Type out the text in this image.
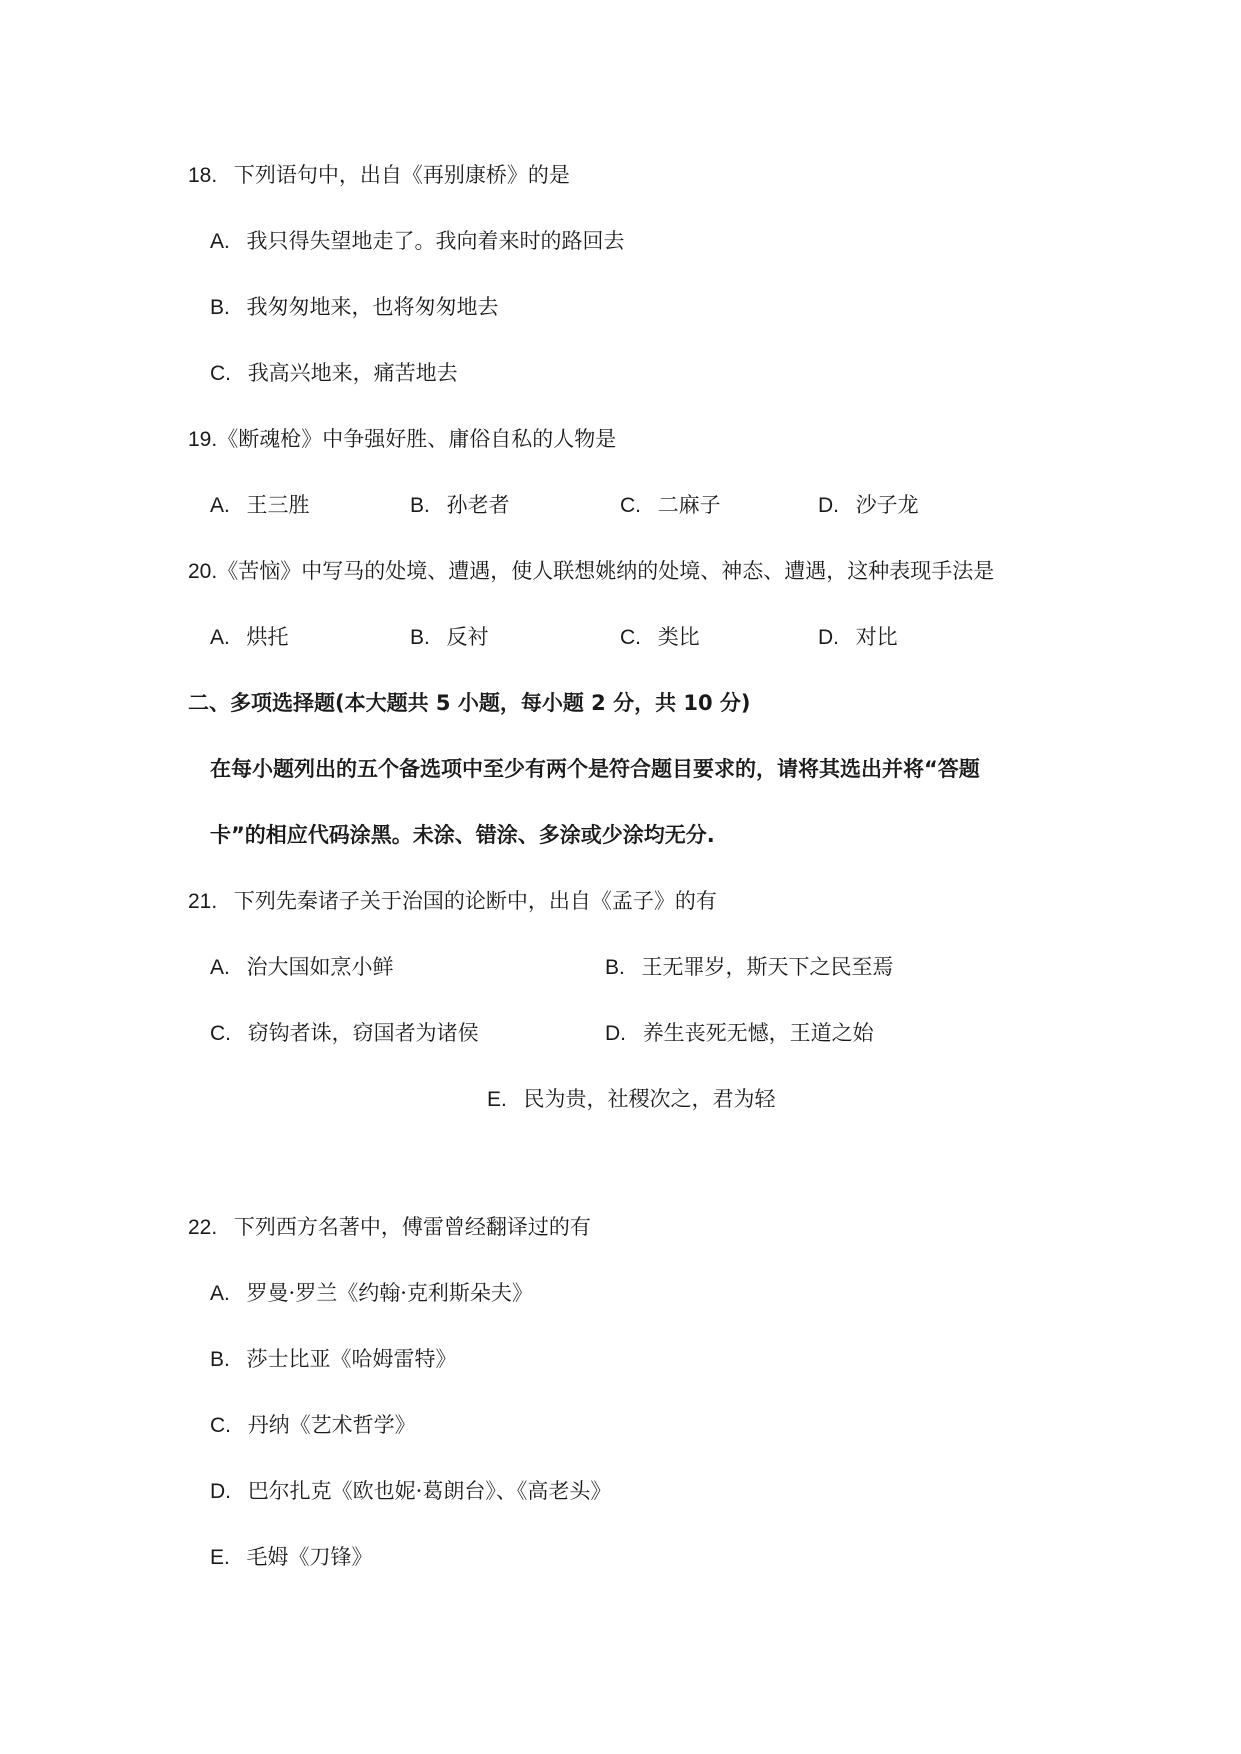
18. 下列语句中，出自《再别康桥》的是
A. 我只得失望地走了。我向着来时的路回去
B. 我匆匆地来，也将匆匆地去
C. 我高兴地来，痛苦地去
19.《断魂枪》中争强好胜、庸俗自私的人物是
A. 王三胜	B. 孙老者	C. 二麻子	D. 沙子龙
20.《苦恼》中写马的处境、遭遇，使人联想姚纳的处境、神态、遭遇，这种表现手法是
A. 烘托	B. 反衬	C. 类比	D. 对比
二、多项选择题(本大题共 5 小题，每小题 2 分，共 10 分)
在每小题列出的五个备选项中至少有两个是符合题目要求的，请将其选出并将“答题
卡”的相应代码涂黑。未涂、错涂、多涂或少涂均无分.
21. 下列先秦诸子关于治国的论断中，出自《孟子》的有
A. 治大国如烹小鲜	B. 王无罪岁，斯天下之民至焉
C. 窃钩者诛，窃国者为诸侯	D. 养生丧死无憾，王道之始
E. 民为贵，社稷次之，君为轻
22. 下列西方名著中，傅雷曾经翻译过的有
A. 罗曼·罗兰《约翰·克利斯朵夫》
B. 莎士比亚《哈姆雷特》
C. 丹纳《艺术哲学》
D. 巴尔扎克《欧也妮·葛朗台》、《高老头》
E. 毛姆《刀锋》
